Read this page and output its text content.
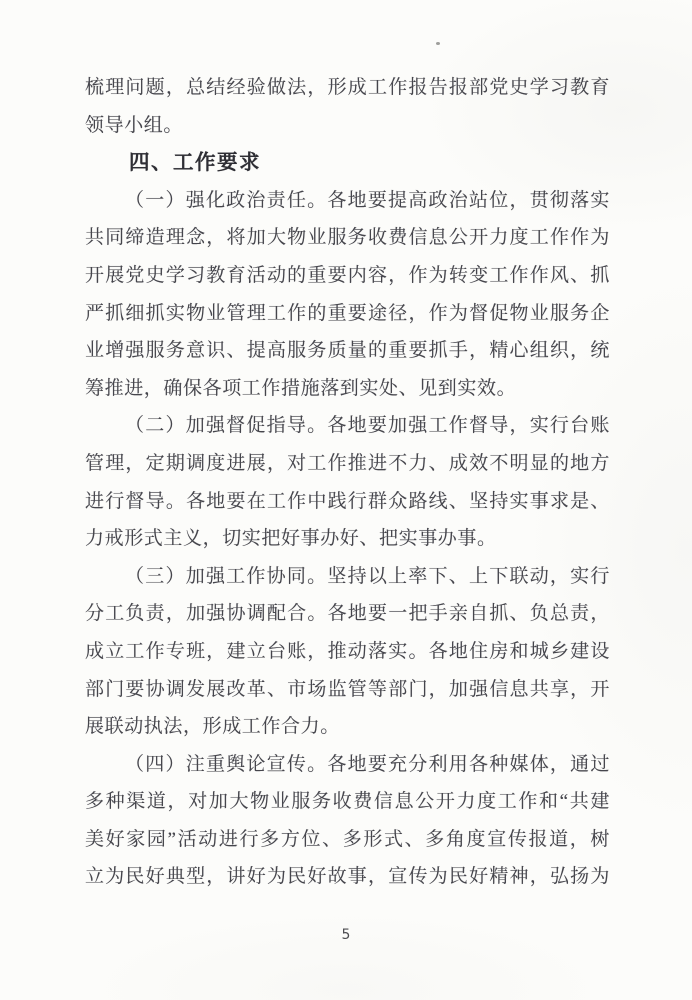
梳理问题，总结经验做法，形成工作报告报部党史学习教育
领导小组。
四、工作要求
（一）强化政治责任。各地要提高政治站位，贯彻落实
共同缔造理念，将加大物业服务收费信息公开力度工作作为
开展党史学习教育活动的重要内容，作为转变工作作风、抓
严抓细抓实物业管理工作的重要途径，作为督促物业服务企
业增强服务意识、提高服务质量的重要抓手，精心组织，统
筹推进，确保各项工作措施落到实处、见到实效。
（二）加强督促指导。各地要加强工作督导，实行台账
管理，定期调度进展，对工作推进不力、成效不明显的地方
进行督导。各地要在工作中践行群众路线、坚持实事求是、
力戒形式主义，切实把好事办好、把实事办事。
（三）加强工作协同。坚持以上率下、上下联动，实行
分工负责，加强协调配合。各地要一把手亲自抓、负总责，
成立工作专班，建立台账，推动落实。各地住房和城乡建设
部门要协调发展改革、市场监管等部门，加强信息共享，开
展联动执法，形成工作合力。
（四）注重舆论宣传。各地要充分利用各种媒体，通过
多种渠道，对加大物业服务收费信息公开力度工作和“共建
美好家园”活动进行多方位、多形式、多角度宣传报道，树
立为民好典型，讲好为民好故事，宣传为民好精神，弘扬为
5
